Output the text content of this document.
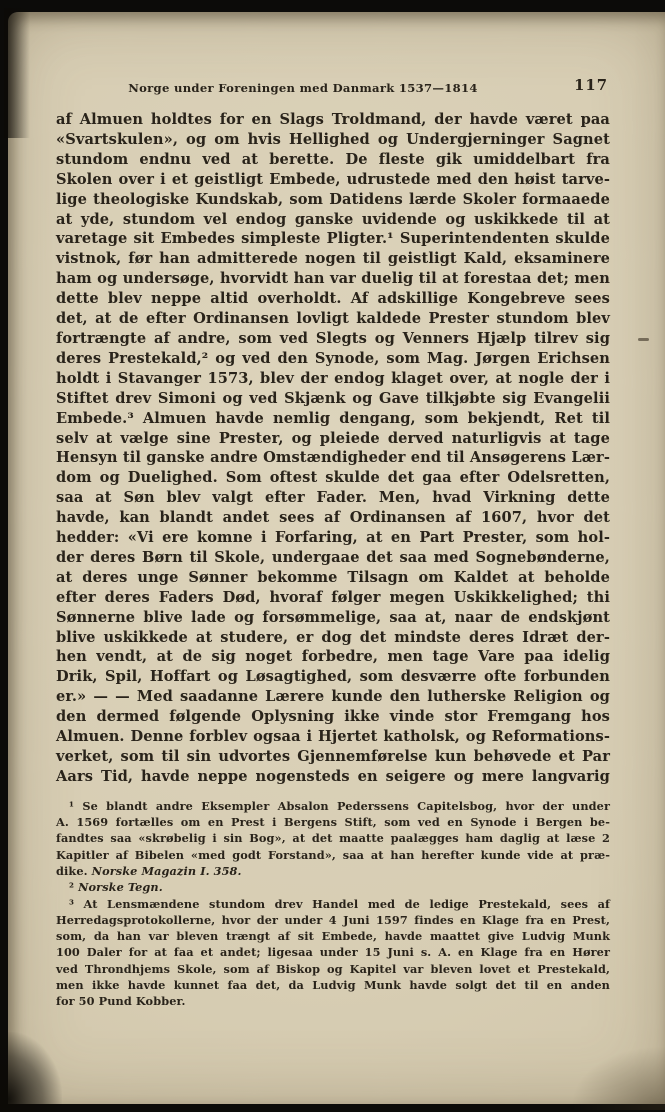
Norge under Foreningen med Danmark 1537—1814	117
af Almuen holdtes for en Slags Troldmand, der havde været paa
«Svartskulen», og om hvis Hellighed og Undergjerninger Sagnet
stundom endnu ved at berette. De fleste gik umiddelbart fra
Skolen over i et geistligt Embede, udrustede med den høist tarve-
lige theologiske Kundskab, som Datidens lærde Skoler formaaede
at yde, stundom vel endog ganske uvidende og uskikkede til at
varetage sit Embedes simpleste Pligter.¹ Superintendenten skulde
vistnok, før han admitterede nogen til geistligt Kald, eksaminere
ham og undersøge, hvorvidt han var duelig til at forestaa det; men
dette blev neppe altid overholdt. Af adskillige Kongebreve sees
det, at de efter Ordinansen lovligt kaldede Prester stundom blev
fortrængte af andre, som ved Slegts og Venners Hjælp tilrev sig
deres Prestekald,² og ved den Synode, som Mag. Jørgen Erichsen
holdt i Stavanger 1573, blev der endog klaget over, at nogle der i
Stiftet drev Simoni og ved Skjænk og Gave tilkjøbte sig Evangelii
Embede.³ Almuen havde nemlig dengang, som bekjendt, Ret til
selv at vælge sine Prester, og pleiede derved naturligvis at tage
Hensyn til ganske andre Omstændigheder end til Ansøgerens Lær-
dom og Duelighed. Som oftest skulde det gaa efter Odelsretten,
saa at Søn blev valgt efter Fader. Men, hvad Virkning dette
havde, kan blandt andet sees af Ordinansen af 1607, hvor det
hedder: «Vi ere komne i Forfaring, at en Part Prester, som hol-
der deres Børn til Skole, undergaae det saa med Sognebønderne,
at deres unge Sønner bekomme Tilsagn om Kaldet at beholde
efter deres Faders Død, hvoraf følger megen Uskikkelighed; thi
Sønnerne blive lade og forsømmelige, saa at, naar de endskjønt
blive uskikkede at studere, er dog det mindste deres Idræt der-
hen vendt, at de sig noget forbedre, men tage Vare paa idelig
Drik, Spil, Hoffart og Løsagtighed, som desværre ofte forbunden
er.» — — Med saadanne Lærere kunde den lutherske Religion og
den dermed følgende Oplysning ikke vinde stor Fremgang hos
Almuen. Denne forblev ogsaa i Hjertet katholsk, og Reformations-
verket, som til sin udvortes Gjennemførelse kun behøvede et Par
Aars Tid, havde neppe nogensteds en seigere og mere langvarig
¹ Se blandt andre Eksempler Absalon Pederssens Capitelsbog, hvor der under
A. 1569 fortælles om en Prest i Bergens Stift, som ved en Synode i Bergen be-
fandtes saa «skrøbelig i sin Bog», at det maatte paalægges ham daglig at læse 2
Kapitler af Bibelen «med godt Forstand», saa at han herefter kunde vide at præ-
dike. Norske Magazin I. 358.
² Norske Tegn.
³ At Lensmændene stundom drev Handel med de ledige Prestekald, sees af
Herredagsprotokollerne, hvor der under 4 Juni 1597 findes en Klage fra en Prest,
som, da han var bleven trængt af sit Embede, havde maattet give Ludvig Munk
100 Daler for at faa et andet; ligesaa under 15 Juni s. A. en Klage fra en Hører
ved Throndhjems Skole, som af Biskop og Kapitel var bleven lovet et Prestekald,
men ikke havde kunnet faa det, da Ludvig Munk havde solgt det til en anden
for 50 Pund Kobber.
